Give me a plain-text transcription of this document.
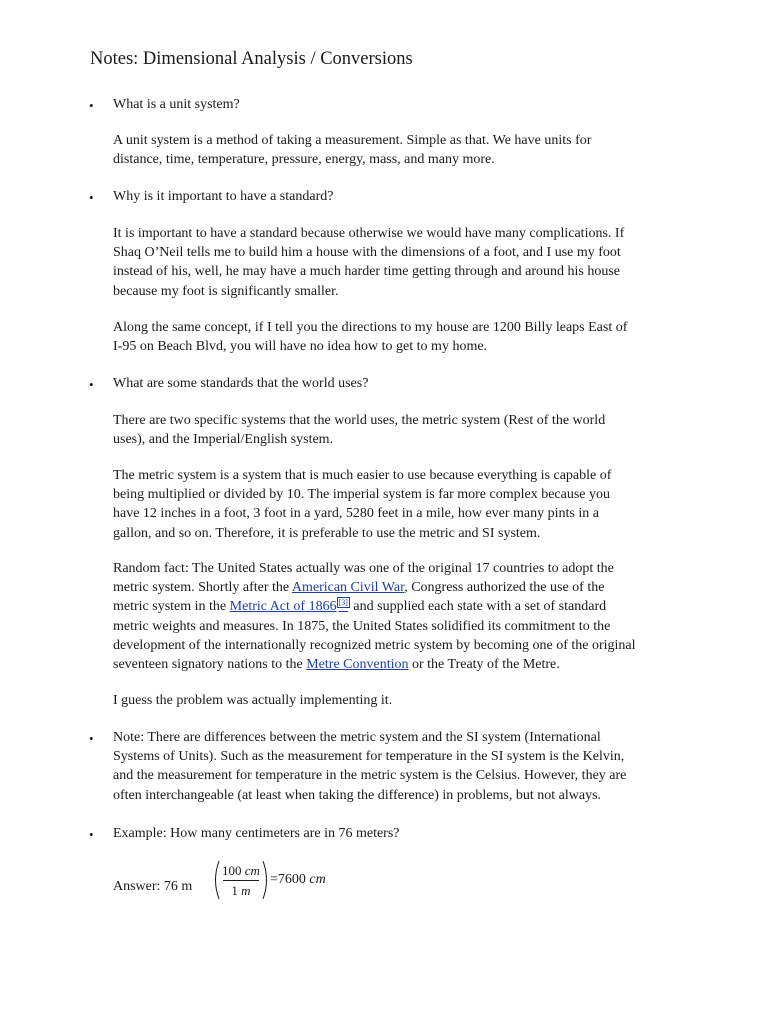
Notes: Dimensional Analysis / Conversions
• What is a unit system?
A unit system is a method of taking a measurement. Simple as that. We have units for
distance, time, temperature, pressure, energy, mass, and many more.
• Why is it important to have a standard?
It is important to have a standard because otherwise we would have many complications. If
Shaq O’Neil tells me to build him a house with the dimensions of a foot, and I use my foot
instead of his, well, he may have a much harder time getting through and around his house
because my foot is significantly smaller.
Along the same concept, if I tell you the directions to my house are 1200 Billy leaps East of
I-95 on Beach Blvd, you will have no idea how to get to my home.
• What are some standards that the world uses?
There are two specific systems that the world uses, the metric system (Rest of the world
uses), and the Imperial/English system.
The metric system is a system that is much easier to use because everything is capable of
being multiplied or divided by 10. The imperial system is far more complex because you
have 12 inches in a foot, 3 foot in a yard, 5280 feet in a mile, how ever many pints in a
gallon, and so on. Therefore, it is preferable to use the metric and SI system.
Random fact: The United States actually was one of the original 17 countries to adopt the
metric system. Shortly after the American Civil War, Congress authorized the use of the
metric system in the Metric Act of 1866 [3] and supplied each state with a set of standard
metric weights and measures. In 1875, the United States solidified its commitment to the
development of the internationally recognized metric system by becoming one of the original
seventeen signatory nations to the Metre Convention or the Treaty of the Metre.
I guess the problem was actually implementing it.
• Note: There are differences between the metric system and the SI system (International
Systems of Units). Such as the measurement for temperature in the SI system is the Kelvin,
and the measurement for temperature in the metric system is the Celsius. However, they are
often interchangeable (at least when taking the difference) in problems, but not always.
• Example: How many centimeters are in 76 meters?
Answer: 76 m
100 cm
1 m
=7600 cm
